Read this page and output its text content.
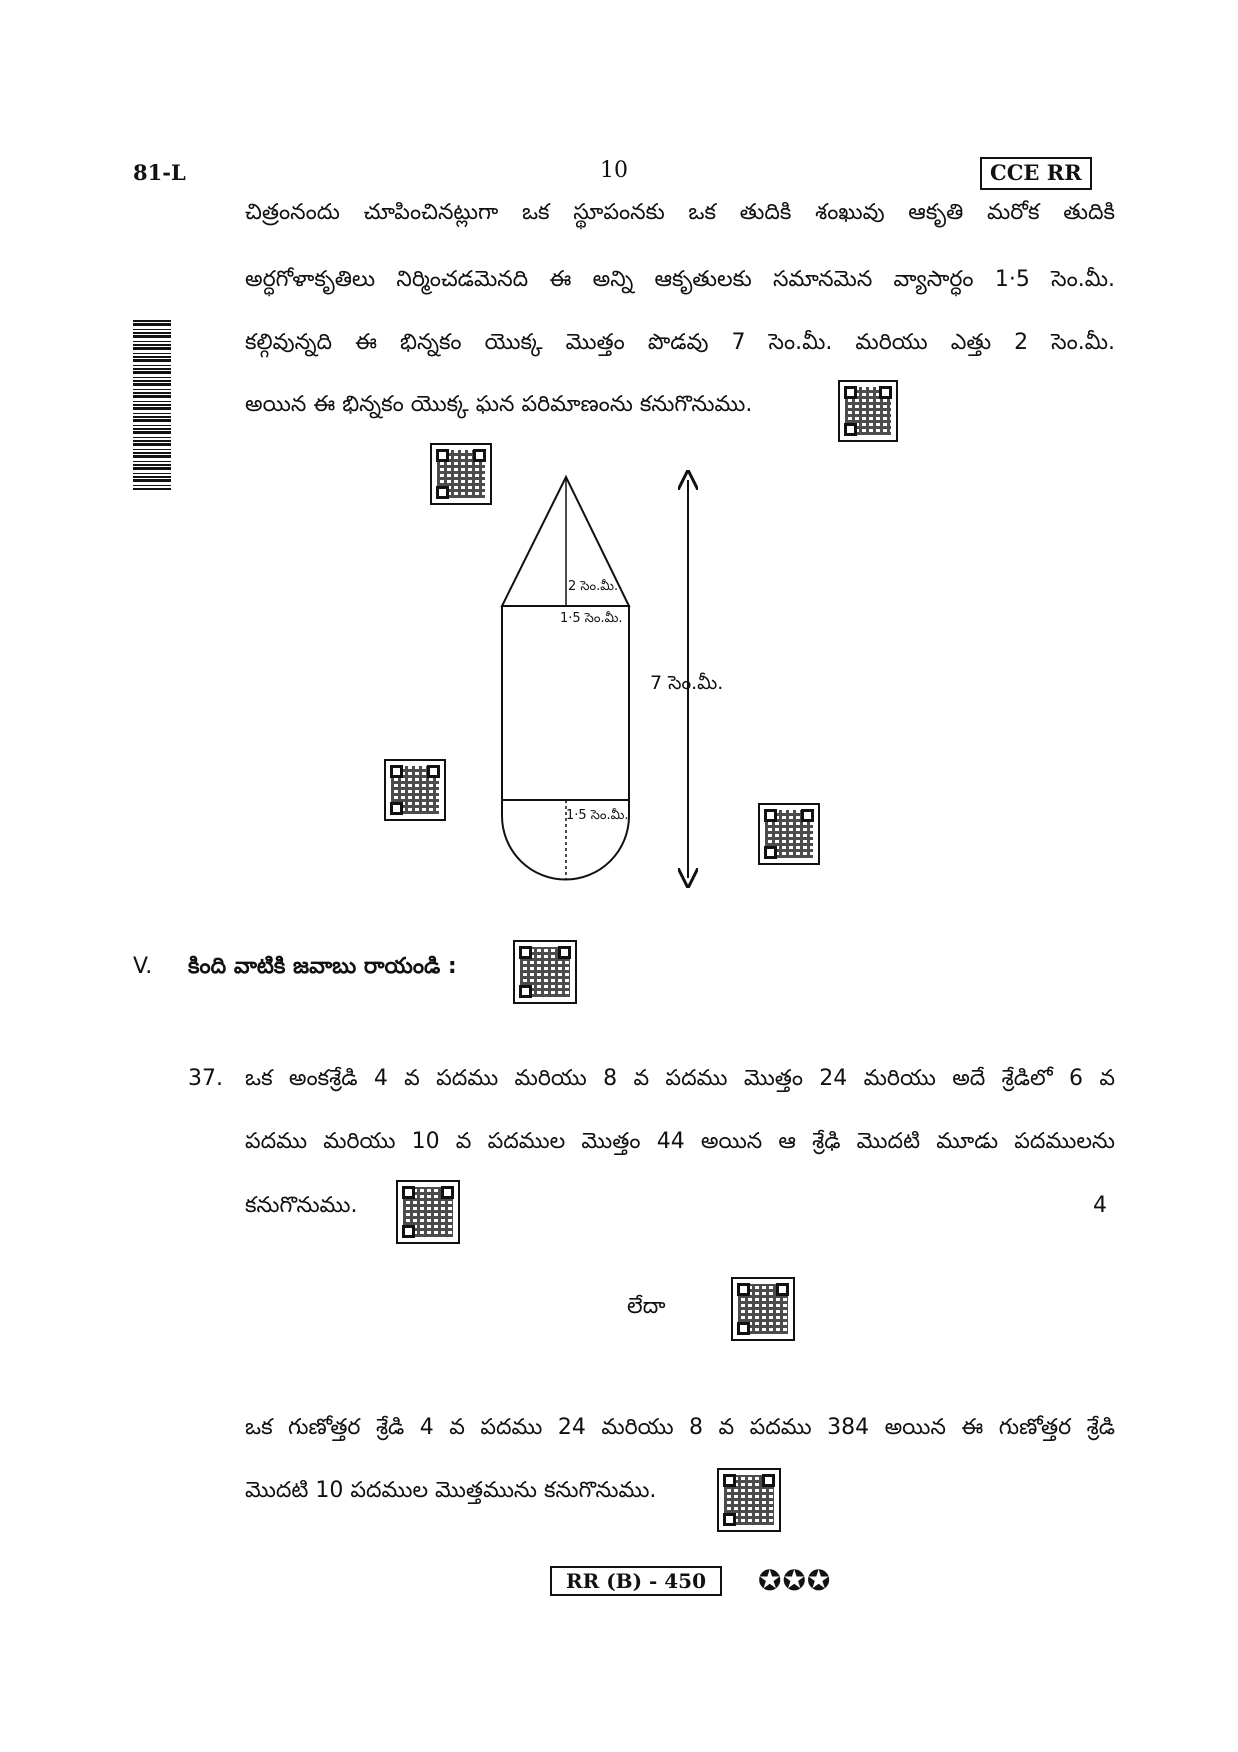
81-L	10	CCE RR
చిత్రంనందు చూపించినట్లుగా ఒక స్థూపంనకు ఒక తుదికి శంఖువు ఆకృతి మరోక తుదికి
అర్ధగోళాకృతిలు నిర్మించడమెనది ఈ అన్ని ఆకృతులకు సమానమెన వ్యాసార్ధం 1·5 సెం.మీ.
కల్గివున్నది ఈ భిన్నకం యొక్క మొత్తం పొడవు 7 సెం.మీ. మరియు ఎత్తు 2 సెం.మీ.
అయిన ఈ భిన్నకం యొక్క ఘన పరిమాణంను కనుగొనుము.
2 సెం.మీ.
1·5 సెం.మీ.
1·5 సెం.మీ.
7 సెం.మీ.
V. కింది వాటికి జవాబు రాయండి :
37. ఒక అంకశ్రేడి 4 వ పదము మరియు 8 వ పదము మొత్తం 24 మరియు అదే శ్రేడిలో 6 వ
పదము మరియు 10 వ పదముల మొత్తం 44 అయిన ఆ శ్రేఢి మొదటి మూడు పదములను
కనుగొనుము.	4
లేదా
ఒక గుణోత్తర శ్రేడి 4 వ పదము 24 మరియు 8 వ పదము 384 అయిన ఈ గుణోత్తర శ్రేడి
మొదటి 10 పదముల మొత్తమును కనుగొనుము.
RR (B) - 450	✪✪✪
